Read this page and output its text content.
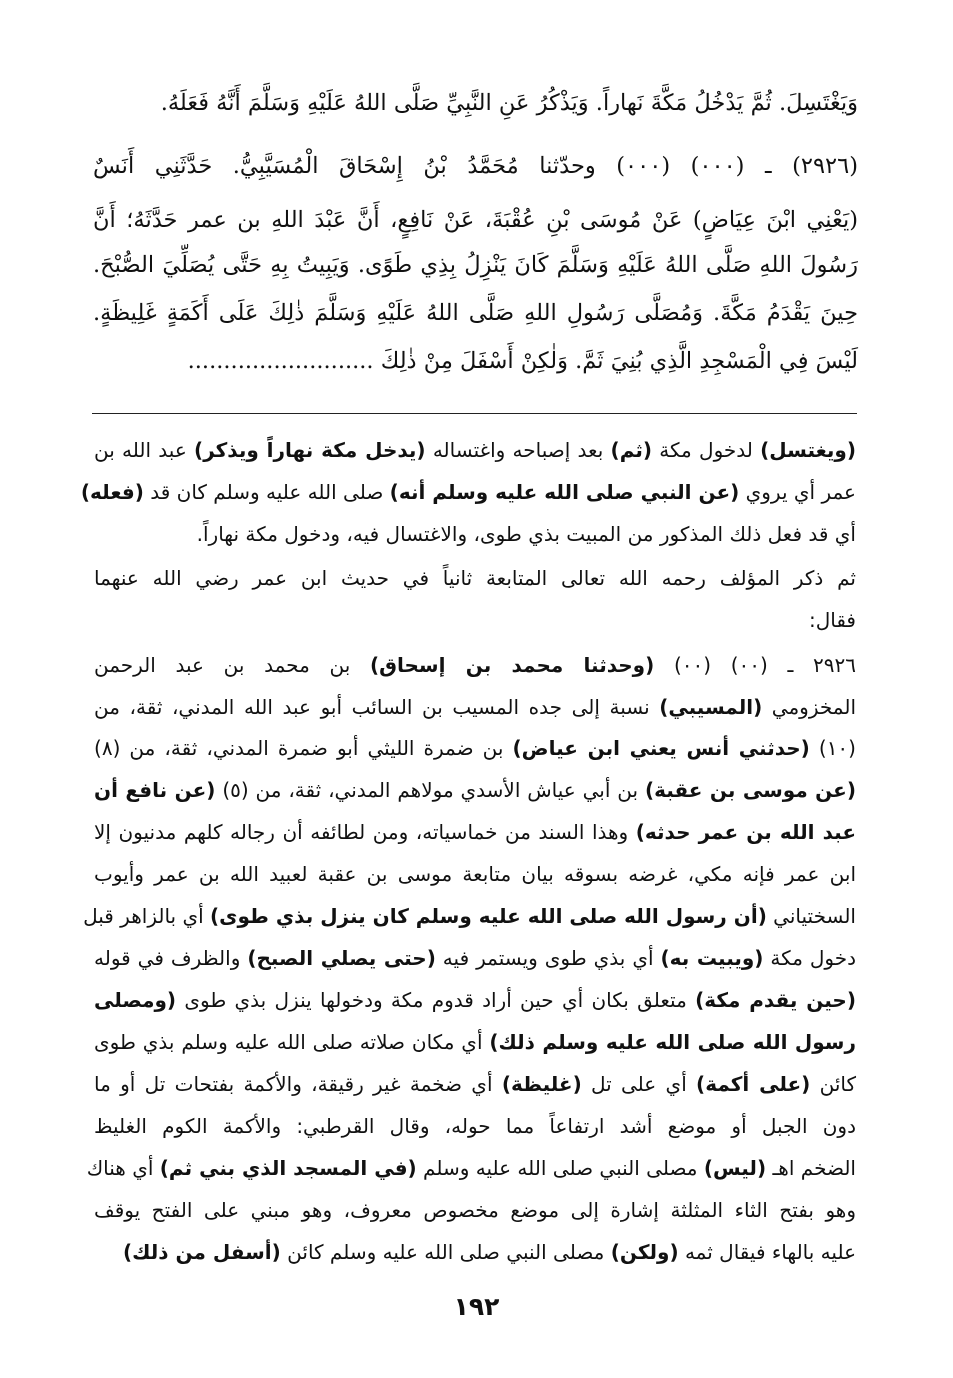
وَيَغْتَسِلَ. ثُمَّ يَدْخُلُ مَكَّةَ نَهاراً. وَيَذْكُرُ عَنِ النَّبِيِّ صَلَّى اللهُ عَلَيْهِ وَسَلَّمَ أَنَّهُ فَعَلَهُ.
(٢٩٢٦) ـ (٠٠٠) (٠٠٠) وحدّثنا مُحَمَّدُ بْنُ إِسْحَاقَ الْمُسَيَّبِيُّ. حَدَّثَنِي أَنَسٌ
(يَعْنِي ابْنَ عِيَاضٍ) عَنْ مُوسَى بْنِ عُقْبَةَ، عَنْ نَافِعٍ، أَنَّ عَبْدَ اللهِ بن عمر حَدَّثَهُ؛ أَنَّ
رَسُولَ اللهِ صَلَّى اللهُ عَلَيْهِ وَسَلَّمَ كَانَ يَنْزِلُ بِذِي طَوًى. وَيَبِيتُ بِهِ حَتَّى يُصَلِّيَ الصُّبْحَ.
حِينَ يَقْدَمُ مَكَّةَ. وَمُصَلَّى رَسُولِ اللهِ صَلَّى اللهُ عَلَيْهِ وَسَلَّمَ ذٰلِكَ عَلَى أَكَمَةٍ غَلِيظَةٍ.
لَيْسَ فِي الْمَسْجِدِ الَّذِي بُنِيَ ثَمَّ. وَلٰكِنْ أَسْفَلَ مِنْ ذٰلِكَ ..........................
(ويغتسل) لدخول مكة (ثم) بعد إصباحه واغتساله (يدخل مكة نهاراً ويذكر) عبد الله بن
عمر أي يروي (عن النبي صلى الله عليه وسلم أنه) صلى الله عليه وسلم كان قد (فعله)
أي قد فعل ذلك المذكور من المبيت بذي طوى، والاغتسال فيه، ودخول مكة نهاراً.
ثم ذكر المؤلف رحمه الله تعالى المتابعة ثانياً في حديث ابن عمر رضي الله عنهما
فقال:
٢٩٢٦ ـ (٠٠) (٠٠) (وحدثنا محمد بن إسحاق) بن محمد بن عبد الرحمن
المخزومي (المسيبي) نسبة إلى جده المسيب بن السائب أبو عبد الله المدني، ثقة، من
(١٠) (حدثني أنس يعني ابن عياض) بن ضمرة الليثي أبو ضمرة المدني، ثقة، من (٨)
(عن موسى بن عقبة) بن أبي عياش الأسدي مولاهم المدني، ثقة، من (٥) (عن نافع أن
عبد الله بن عمر حدثه) وهذا السند من خماسياته، ومن لطائفه أن رجاله كلهم مدنيون إلا
ابن عمر فإنه مكي، غرضه بسوقه بيان متابعة موسى بن عقبة لعبيد الله بن عمر وأيوب
السختياني (أن رسول الله صلى الله عليه وسلم كان ينزل بذي طوى) أي بالزاهر قبل
دخول مكة (ويبيت به) أي بذي طوى ويستمر فيه (حتى يصلي الصبح) والظرف في قوله
(حين يقدم مكة) متعلق بكان أي حين أراد قدوم مكة ودخولها ينزل بذي طوى (ومصلى
رسول الله صلى الله عليه وسلم ذلك) أي مكان صلاته صلى الله عليه وسلم بذي طوى
كائن (على أكمة) أي على تل (غليظة) أي ضخمة غير رقيقة، والأكمة بفتحات تل أو ما
دون الجبل أو موضع أشد ارتفاعاً مما حوله، وقال القرطبي: والأكمة الكوم الغليظ
الضخم اهـ (ليس) مصلى النبي صلى الله عليه وسلم (في المسجد الذي بني ثم) أي هناك
وهو بفتح الثاء المثلثة إشارة إلى موضع مخصوص معروف، وهو مبني على الفتح يوقف
عليه بالهاء فيقال ثمه (ولكن) مصلى النبي صلى الله عليه وسلم كائن (أسفل من ذلك)
١٩٢
